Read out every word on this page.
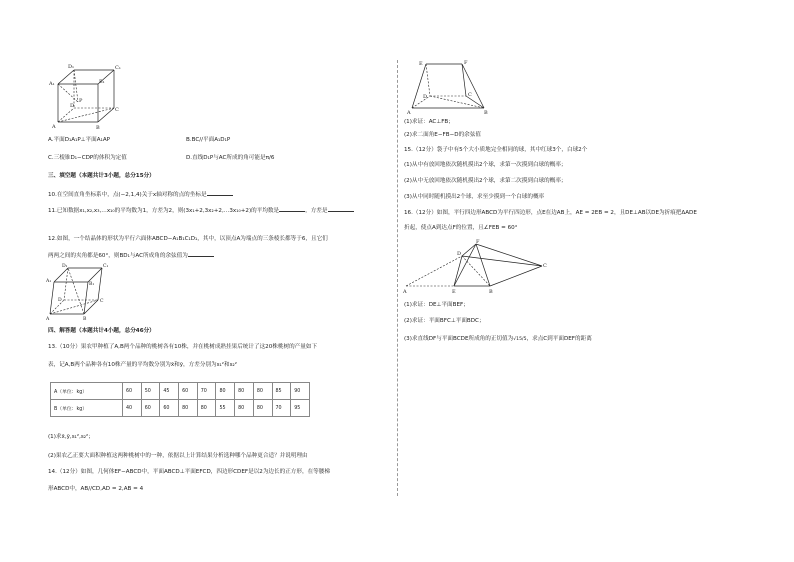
D₁	C₁
A₁	B₁
P
D
C
A	B
A.平面D₁A₁P⊥平面A₁AP	B.BC//平面A₁D₁P
C.三棱锥D₁−CDP的体积为定值	D.直线D₁P与AC所成的角可能是π/6
三、填空题（本题共计3小题，总分15分）
10.在空间直角坐标系中，点(−2,1,4)关于x轴对称的点的坐标是
11.已知数据x₁,x₂,x₃,…x₁₀的平均数为1，方差为2，则(3x₁+2,3x₂+2,…3x₁₀+2)的平均数是	，方差是
12.如图，一个结晶体的形状为平行六面体ABCD−A₁B₁C₁D₁，其中，以顶点A为端点的三条棱长都等于6，且它们
两两之间的夹角都是60°，则BD₁与AC所成角的余弦值为
D₁	C₁
A₁
B₁
D	C
A	B
四、解答题（本题共计4小题，总分46分）
13.（10分）果农甲种植了A,B两个品种的桃树各有10株，并在桃树成熟挂果后统计了这20株桃树的产量如下
表，记A,B两个品种各有10株产量的平均数分别为x̄和ȳ，方差分别为s₁²和s₂²
A（单位：kg）	60	50	45	60	70	80	80	80	85	90
B（单位：kg）	40	60	60	80	80	55	80	80	70	95
(1)求x̄,ȳ,s₁²,s₂²；
(2)果农乙正要大面积种植这两种桃树中的一种，依据以上计算结果分析选种哪个品种更合适？并说明理由
14.（12分）如图，几何体EF−ABCD中，平面ABCD⊥平面EFCD，四边形CDEF是以2为边长的正方形，在等腰梯
形ABCD中，AB//CD,AD = 2,AB = 4
E	F
D	C
A	B
(1)求证：AC⊥FB；
(2)求二面角E−FB−D的余弦值
15.（12分）袋子中有5个大小质地完全相同的球，其中红球3个，白球2个
(1)从中有放回地依次随机摸出2个球，求第一次摸到白球的概率；
(2)从中无放回地依次随机摸出2个球，求第二次摸到白球的概率；
(3)从中同时随机摸出2个球，求至少摸到一个白球的概率
16.（12分）如图，平行四边形ABCD为平行四边形，点E在边AB上，AE = 2EB = 2，且DE⊥AB以DE为折痕把ΔADE
折起，使点A到达点F的位置，且∠FEB = 60°
F
D
C
A	E	B
(1)求证：DE⊥平面BEF；
(2)求证：平面BFC⊥平面BDC；
(3)求直线DF与平面BCDE所成角的正切值为√15/5，求点C到平面DEF的距离
